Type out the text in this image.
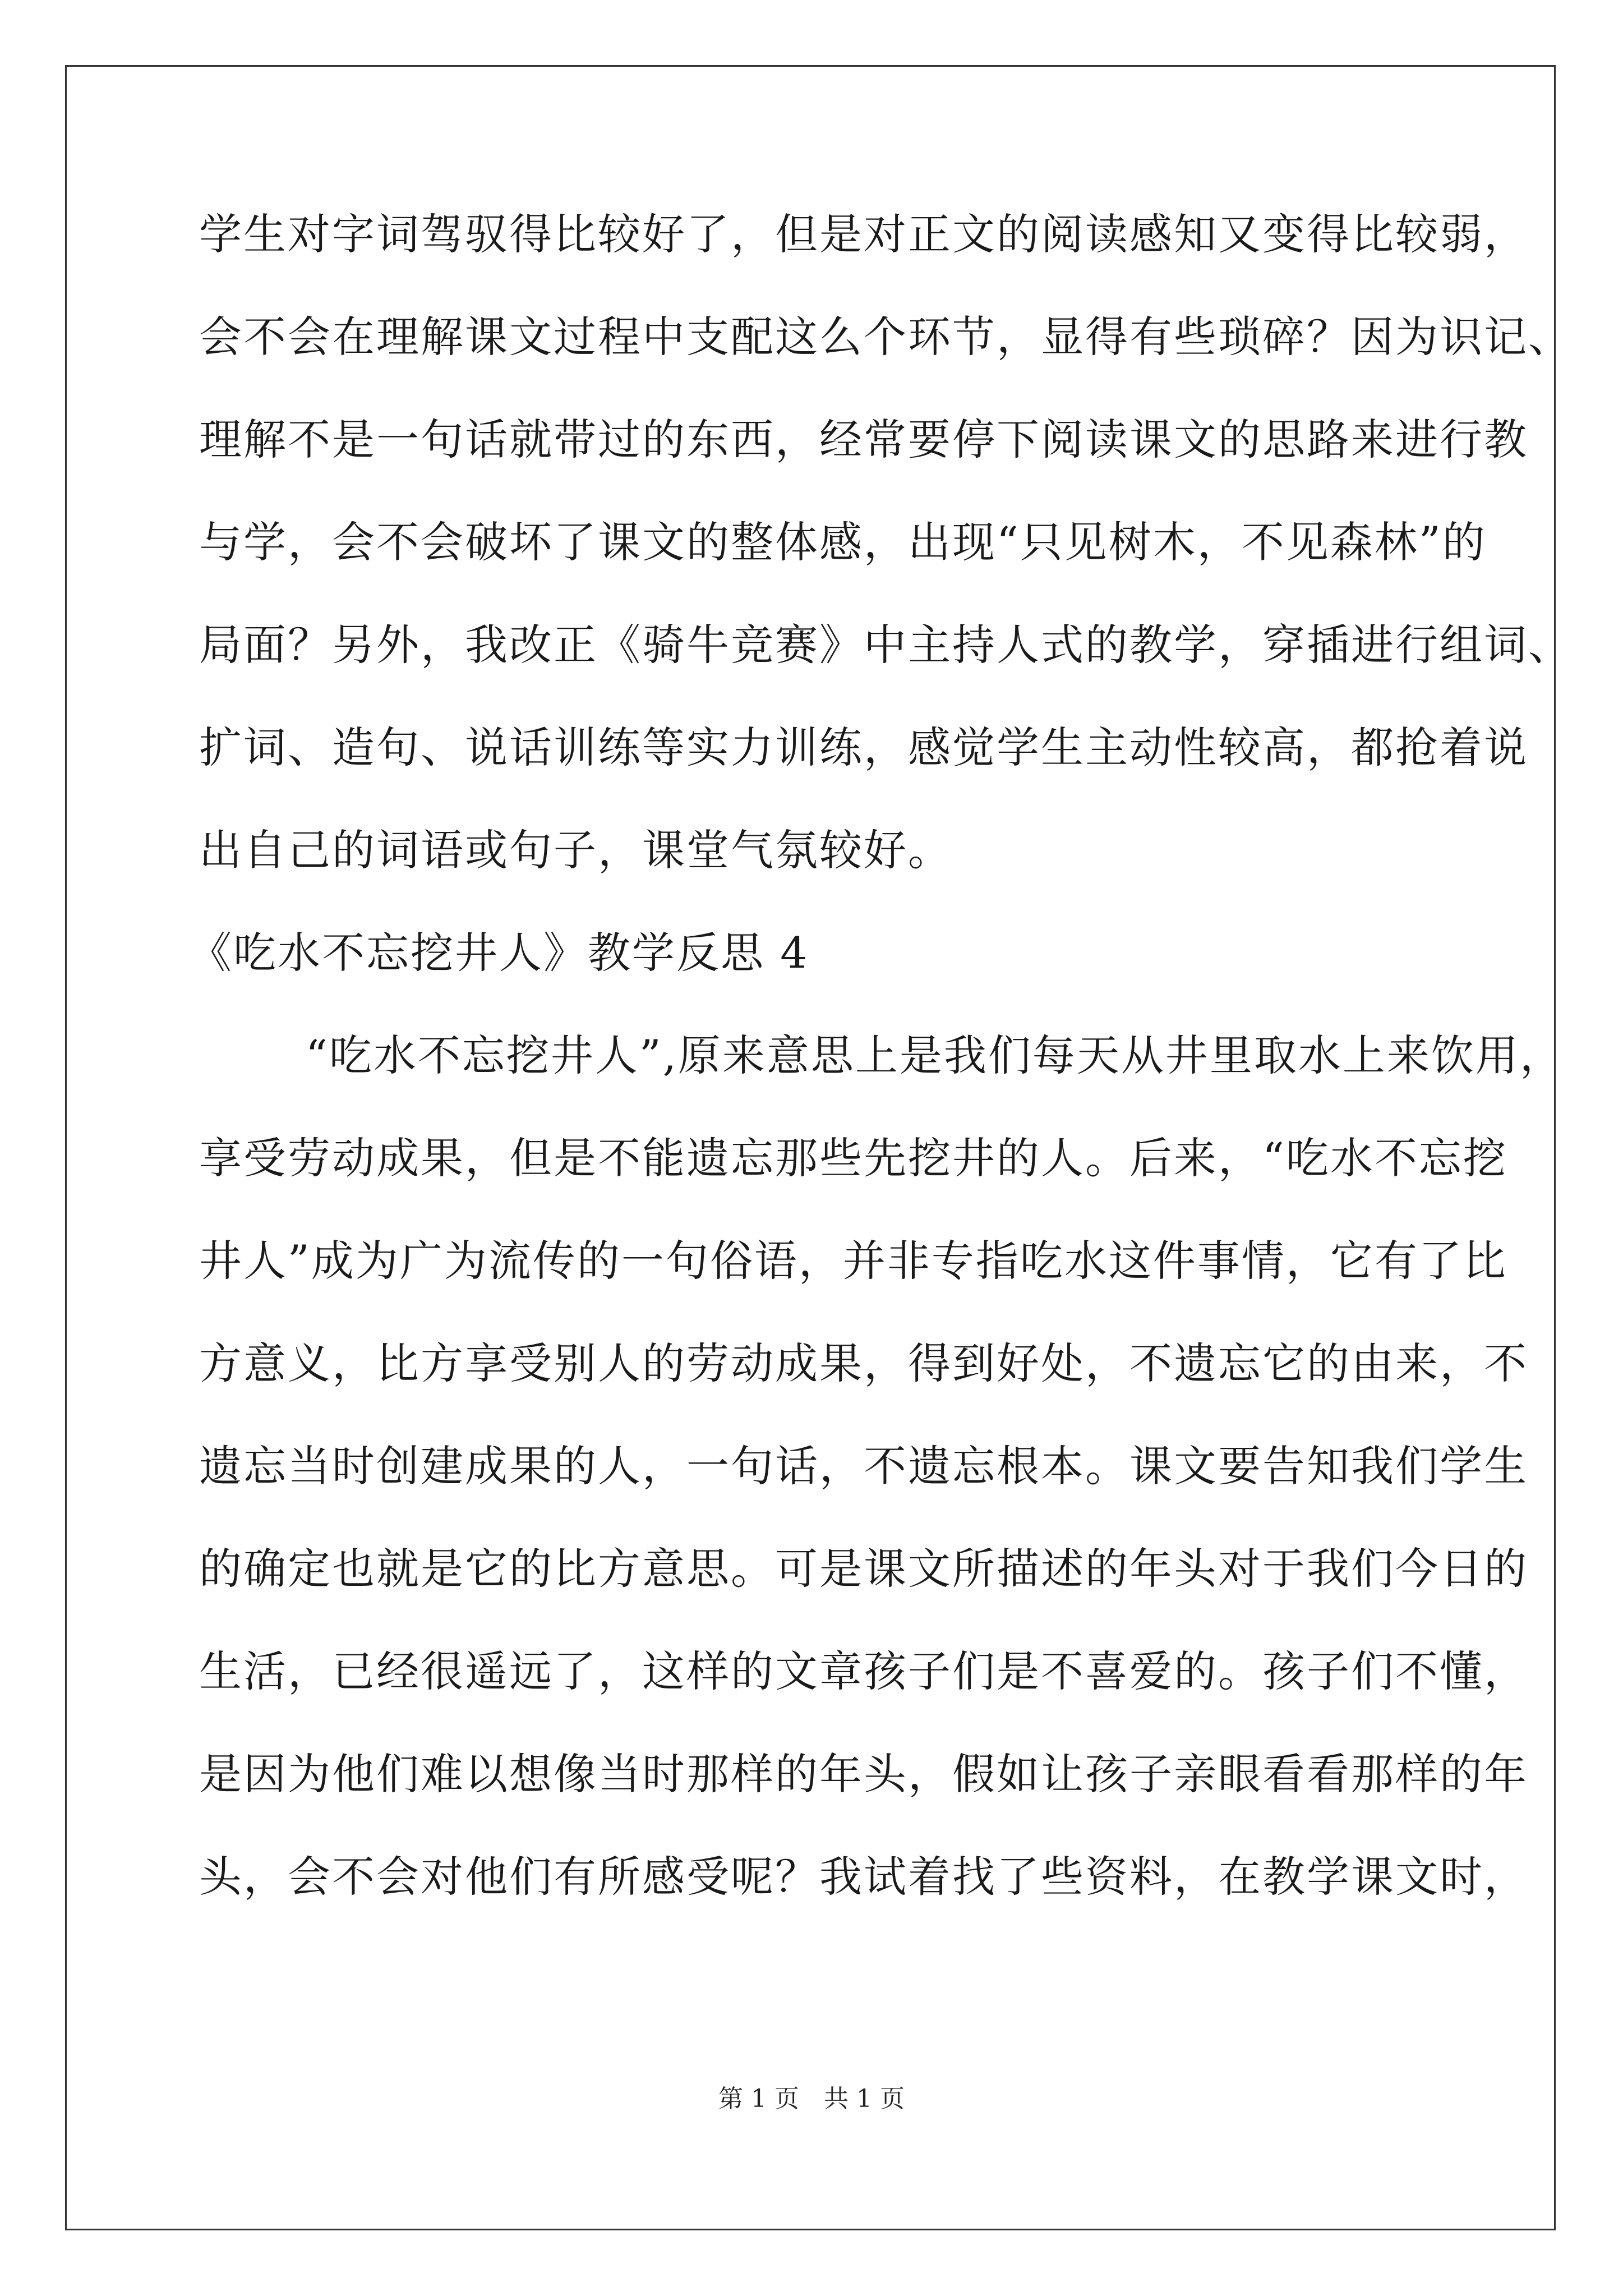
学生对字词驾驭得比较好了，但是对正文的阅读感知又变得比较弱，
会不会在理解课文过程中支配这么个环节，显得有些琐碎？因为识记、
理解不是一句话就带过的东西，经常要停下阅读课文的思路来进行教
与学，会不会破坏了课文的整体感，出现“只见树木，不见森林”的
局面？另外，我改正《骑牛竞赛》中主持人式的教学，穿插进行组词、
扩词、造句、说话训练等实力训练，感觉学生主动性较高，都抢着说
出自己的词语或句子，课堂气氛较好。
《吃水不忘挖井人》教学反思 4
“吃水不忘挖井人”,原来意思上是我们每天从井里取水上来饮用，
享受劳动成果，但是不能遗忘那些先挖井的人。后来，“吃水不忘挖
井人”成为广为流传的一句俗语，并非专指吃水这件事情，它有了比
方意义，比方享受别人的劳动成果，得到好处，不遗忘它的由来，不
遗忘当时创建成果的人，一句话，不遗忘根本。课文要告知我们学生
的确定也就是它的比方意思。可是课文所描述的年头对于我们今日的
生活，已经很遥远了，这样的文章孩子们是不喜爱的。孩子们不懂，
是因为他们难以想像当时那样的年头，假如让孩子亲眼看看那样的年
头，会不会对他们有所感受呢？我试着找了些资料，在教学课文时，
第 1 页　共 1 页
